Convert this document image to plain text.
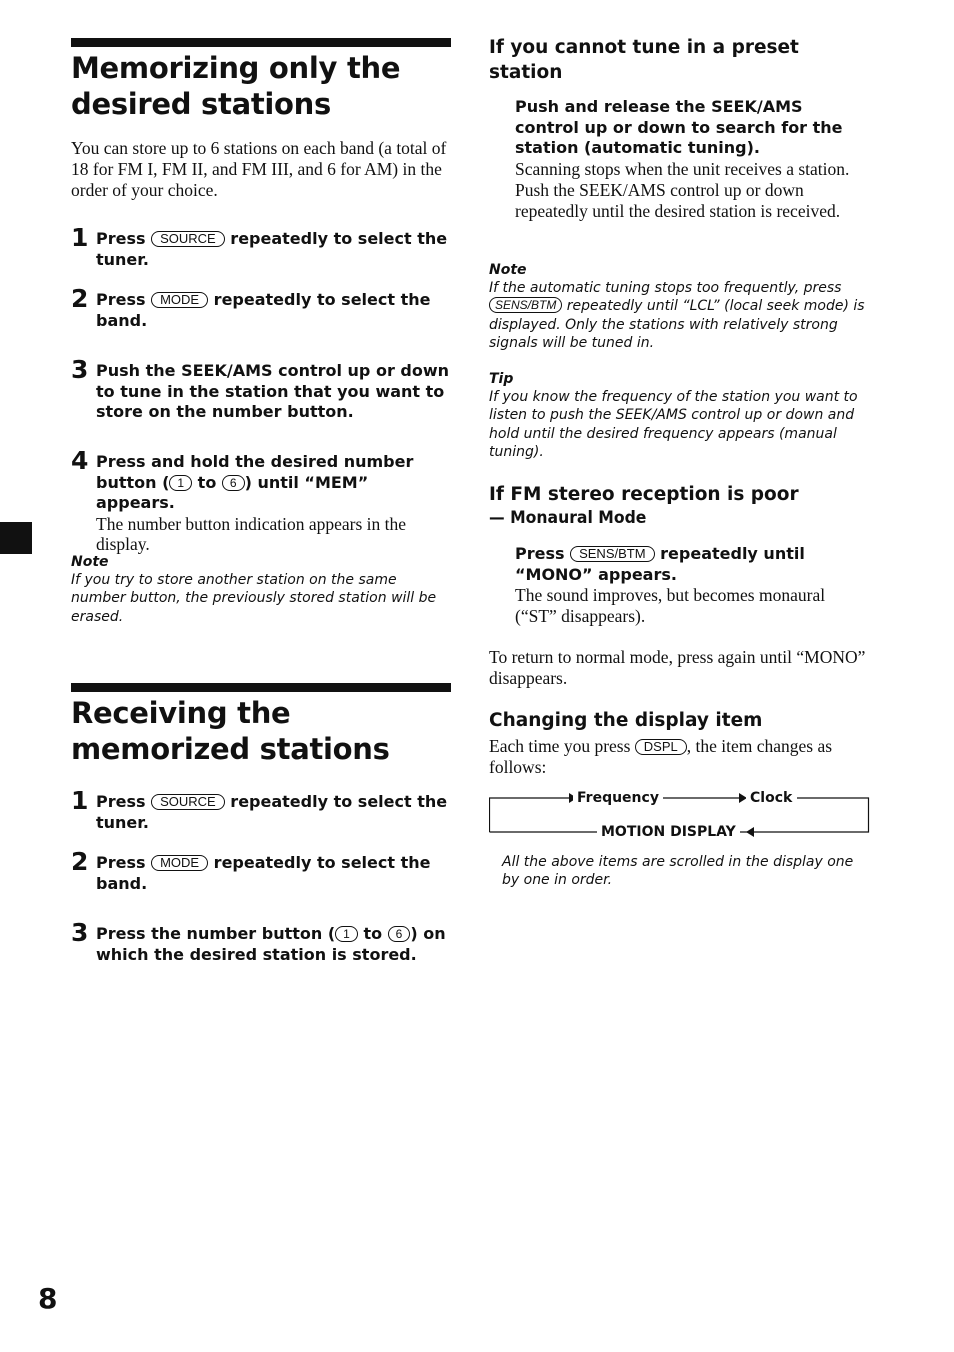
Memorizing only the desired stations
You can store up to 6 stations on each band (a total of 18 for FM I, FM II, and FM III, and 6 for AM) in the order of your choice.
1 Press SOURCE repeatedly to select the tuner.
2 Press MODE repeatedly to select the band.
3 Push the SEEK/AMS control up or down to tune in the station that you want to store on the number button.
4 Press and hold the desired number button ( 1 to 6 ) until “MEM” appears.
The number button indication appears in the display.
Note
If you try to store another station on the same number button, the previously stored station will be erased.
Receiving the memorized stations
1 Press SOURCE repeatedly to select the tuner.
2 Press MODE repeatedly to select the band.
3 Press the number button ( 1 to 6 ) on which the desired station is stored.
If you cannot tune in a preset station
Push and release the SEEK/AMS control up or down to search for the station (automatic tuning).
Scanning stops when the unit receives a station. Push the SEEK/AMS control up or down repeatedly until the desired station is received.
Note
If the automatic tuning stops too frequently, press SENS/BTM repeatedly until “LCL” (local seek mode) is displayed. Only the stations with relatively strong signals will be tuned in.
Tip
If you know the frequency of the station you want to listen to push the SEEK/AMS control up or down and hold until the desired frequency appears (manual tuning).
If FM stereo reception is poor
— Monaural Mode
Press SENS/BTM repeatedly until “MONO” appears.
The sound improves, but becomes monaural (“ST” disappears).
To return to normal mode, press again until “MONO” disappears.
Changing the display item
Each time you press DSPL , the item changes as follows:
Frequency	Clock
MOTION DISPLAY
All the above items are scrolled in the display one by one in order.
8
